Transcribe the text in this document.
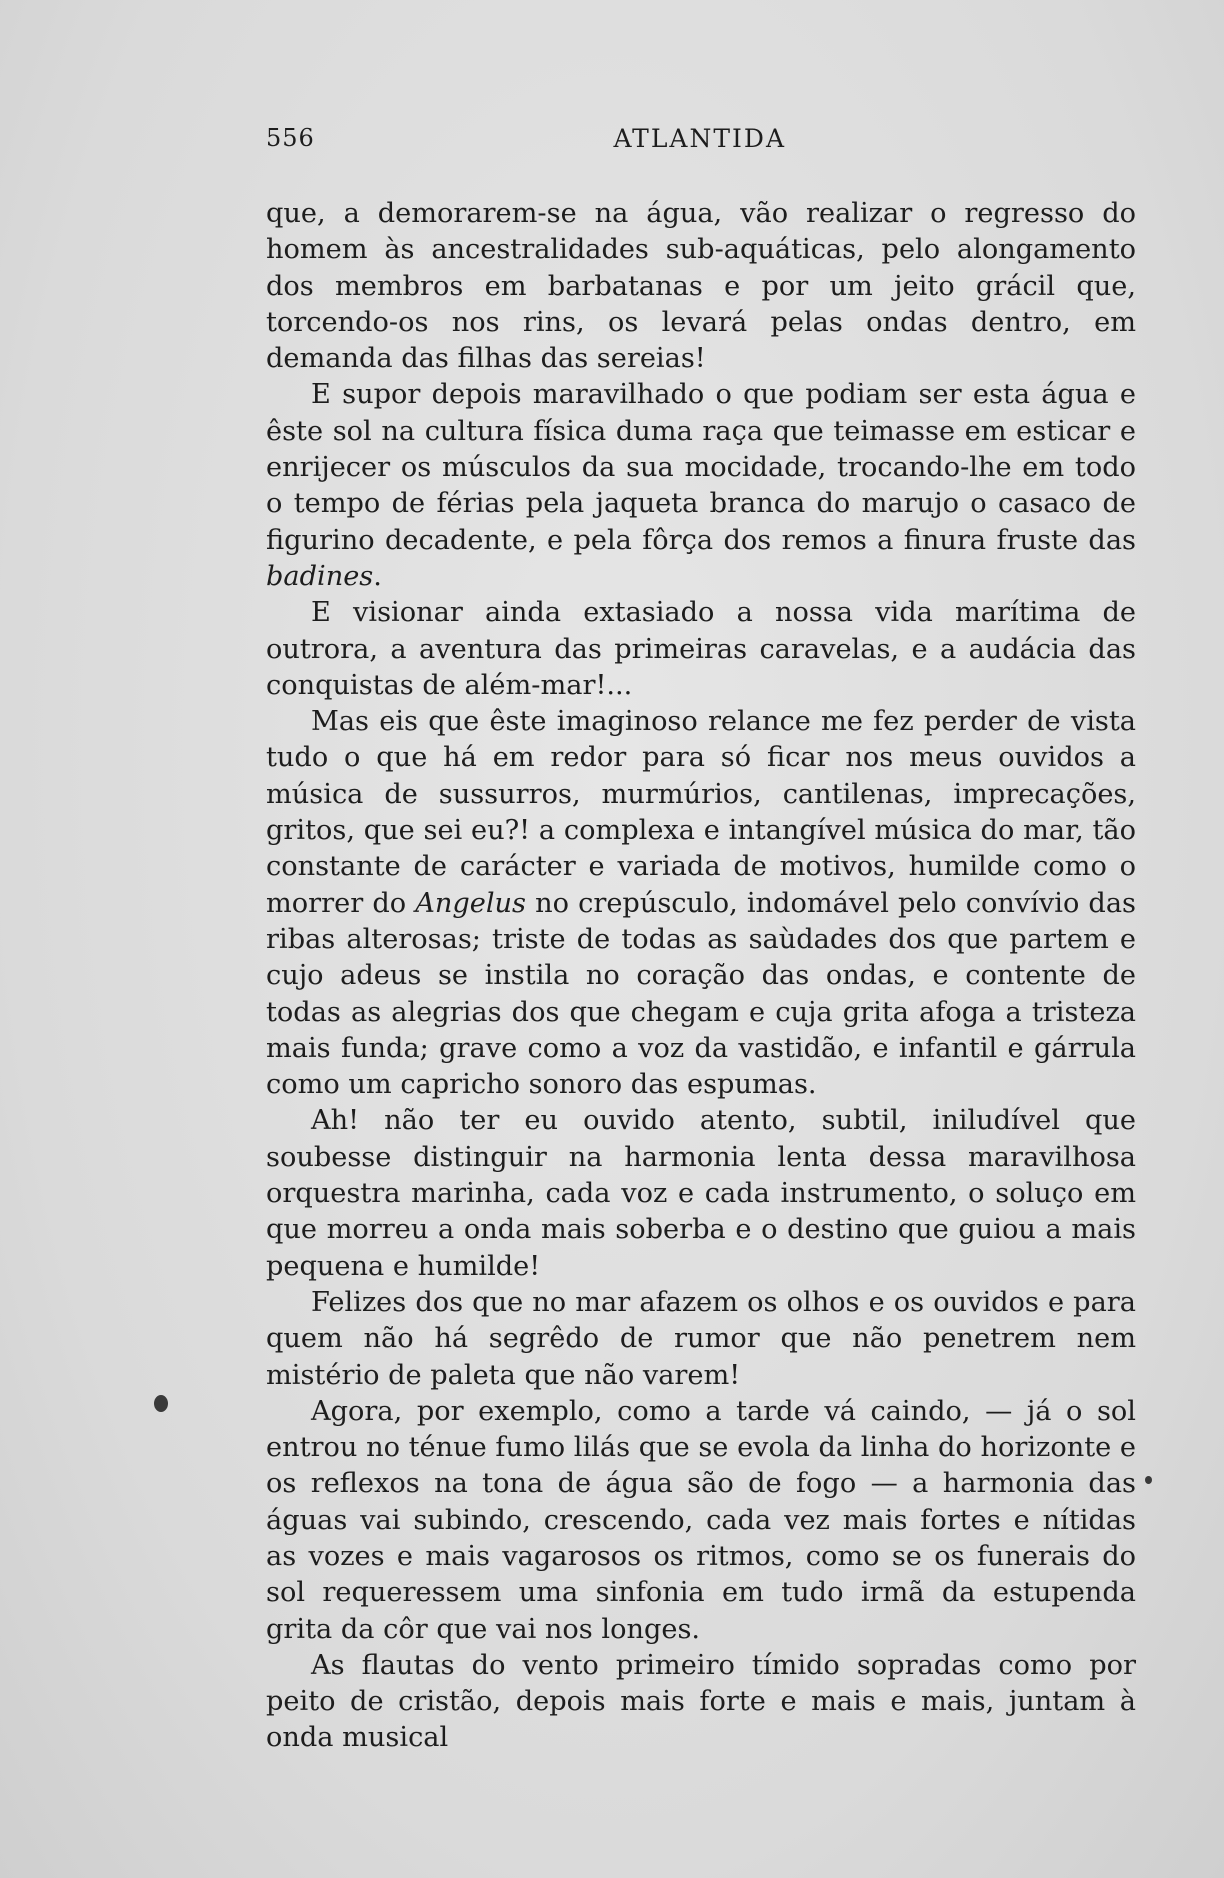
556	ATLANTIDA

que, a demorarem-se na água, vão realizar o regresso do homem às ancestralidades sub-aquáticas, pelo alongamento dos membros em barbatanas e por um jeito grácil que, torcendo-os nos rins, os levará pelas ondas dentro, em demanda das filhas das sereias!

E supor depois maravilhado o que podiam ser esta água e êste sol na cultura física duma raça que teimasse em esticar e enrijecer os músculos da sua mocidade, trocando-lhe em todo o tempo de férias pela jaqueta branca do marujo o casaco de figurino decadente, e pela fôrça dos remos a finura fruste das badines.

E visionar ainda extasiado a nossa vida marítima de outrora, a aventura das primeiras caravelas, e a audácia das conquistas de além-mar!...

Mas eis que êste imaginoso relance me fez perder de vista tudo o que há em redor para só ficar nos meus ouvidos a música de sussurros, murmúrios, cantilenas, imprecações, gritos, que sei eu?! a complexa e intangível música do mar, tão constante de carácter e variada de motivos, humilde como o morrer do Angelus no crepúsculo, indomável pelo convívio das ribas alterosas; triste de todas as saùdades dos que partem e cujo adeus se instila no coração das ondas, e contente de todas as alegrias dos que chegam e cuja grita afoga a tristeza mais funda; grave como a voz da vastidão, e infantil e gárrula como um capricho sonoro das espumas.

Ah! não ter eu ouvido atento, subtil, iniludível que soubesse distinguir na harmonia lenta dessa maravilhosa orquestra marinha, cada voz e cada instrumento, o soluço em que morreu a onda mais soberba e o destino que guiou a mais pequena e humilde!

Felizes dos que no mar afazem os olhos e os ouvidos e para quem não há segrêdo de rumor que não penetrem nem mistério de paleta que não varem!

Agora, por exemplo, como a tarde vá caindo, — já o sol entrou no ténue fumo lilás que se evola da linha do horizonte e os reflexos na tona de água são de fogo — a harmonia das águas vai subindo, crescendo, cada vez mais fortes e nítidas as vozes e mais vagarosos os ritmos, como se os funerais do sol requeressem uma sinfonia em tudo irmã da estupenda grita da côr que vai nos longes.

As flautas do vento primeiro tímido sopradas como por peito de cristão, depois mais forte e mais e mais, juntam à onda musical
